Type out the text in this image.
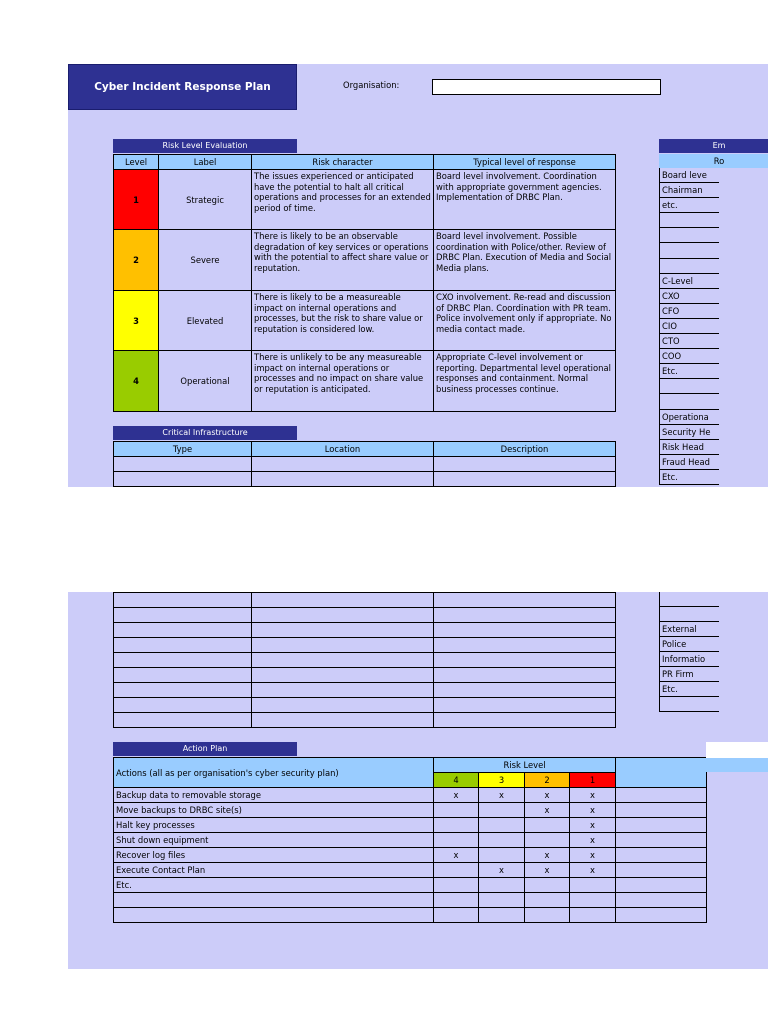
Cyber Incident Response Plan	Organisation:
Risk Level Evaluation
Level	Label	Risk character	Typical level of response
1	Strategic	The issues experienced or anticipated have the potential to halt all critical operations and processes for an extended period of time.	Board level involvement. Coordination with appropriate government agencies. Implementation of DRBC Plan.
2	Severe	There is likely to be an observable degradation of key services or operations with the potential to affect share value or reputation.	Board level involvement. Possible coordination with Police/other. Review of DRBC Plan. Execution of Media and Social Media plans.
3	Elevated	There is likely to be a measureable impact on internal operations and processes, but the risk to share value or reputation is considered low.	CXO involvement. Re-read and discussion of DRBC Plan. Coordination with PR team. Police involvement only if appropriate. No media contact made.
4	Operational	There is unlikely to be any measureable impact on internal operations or processes and no impact on share value or reputation is anticipated.	Appropriate C-level involvement or reporting. Departmental level operational responses and containment. Normal business processes continue.
Critical Infrastructure
Type	Location	Description

Em
Ro
Board leve
Chairman
etc.
C-Level
CXO
CFO
CIO
CTO
COO
Etc.
Operationa
Security He
Risk Head
Fraud Head
Etc.

External
Police
Informatio
PR Firm
Etc.
Action Plan
Actions (all as per organisation's cyber security plan)	Risk Level				
	4	3	2	1	
Backup data to removable storage	x	x	x	x	
Move backups to DRBC site(s)			x	x	
Halt key processes				x	
Shut down equipment				x	
Recover log files	x		x	x	
Execute Contact Plan		x	x	x	
Etc.					
